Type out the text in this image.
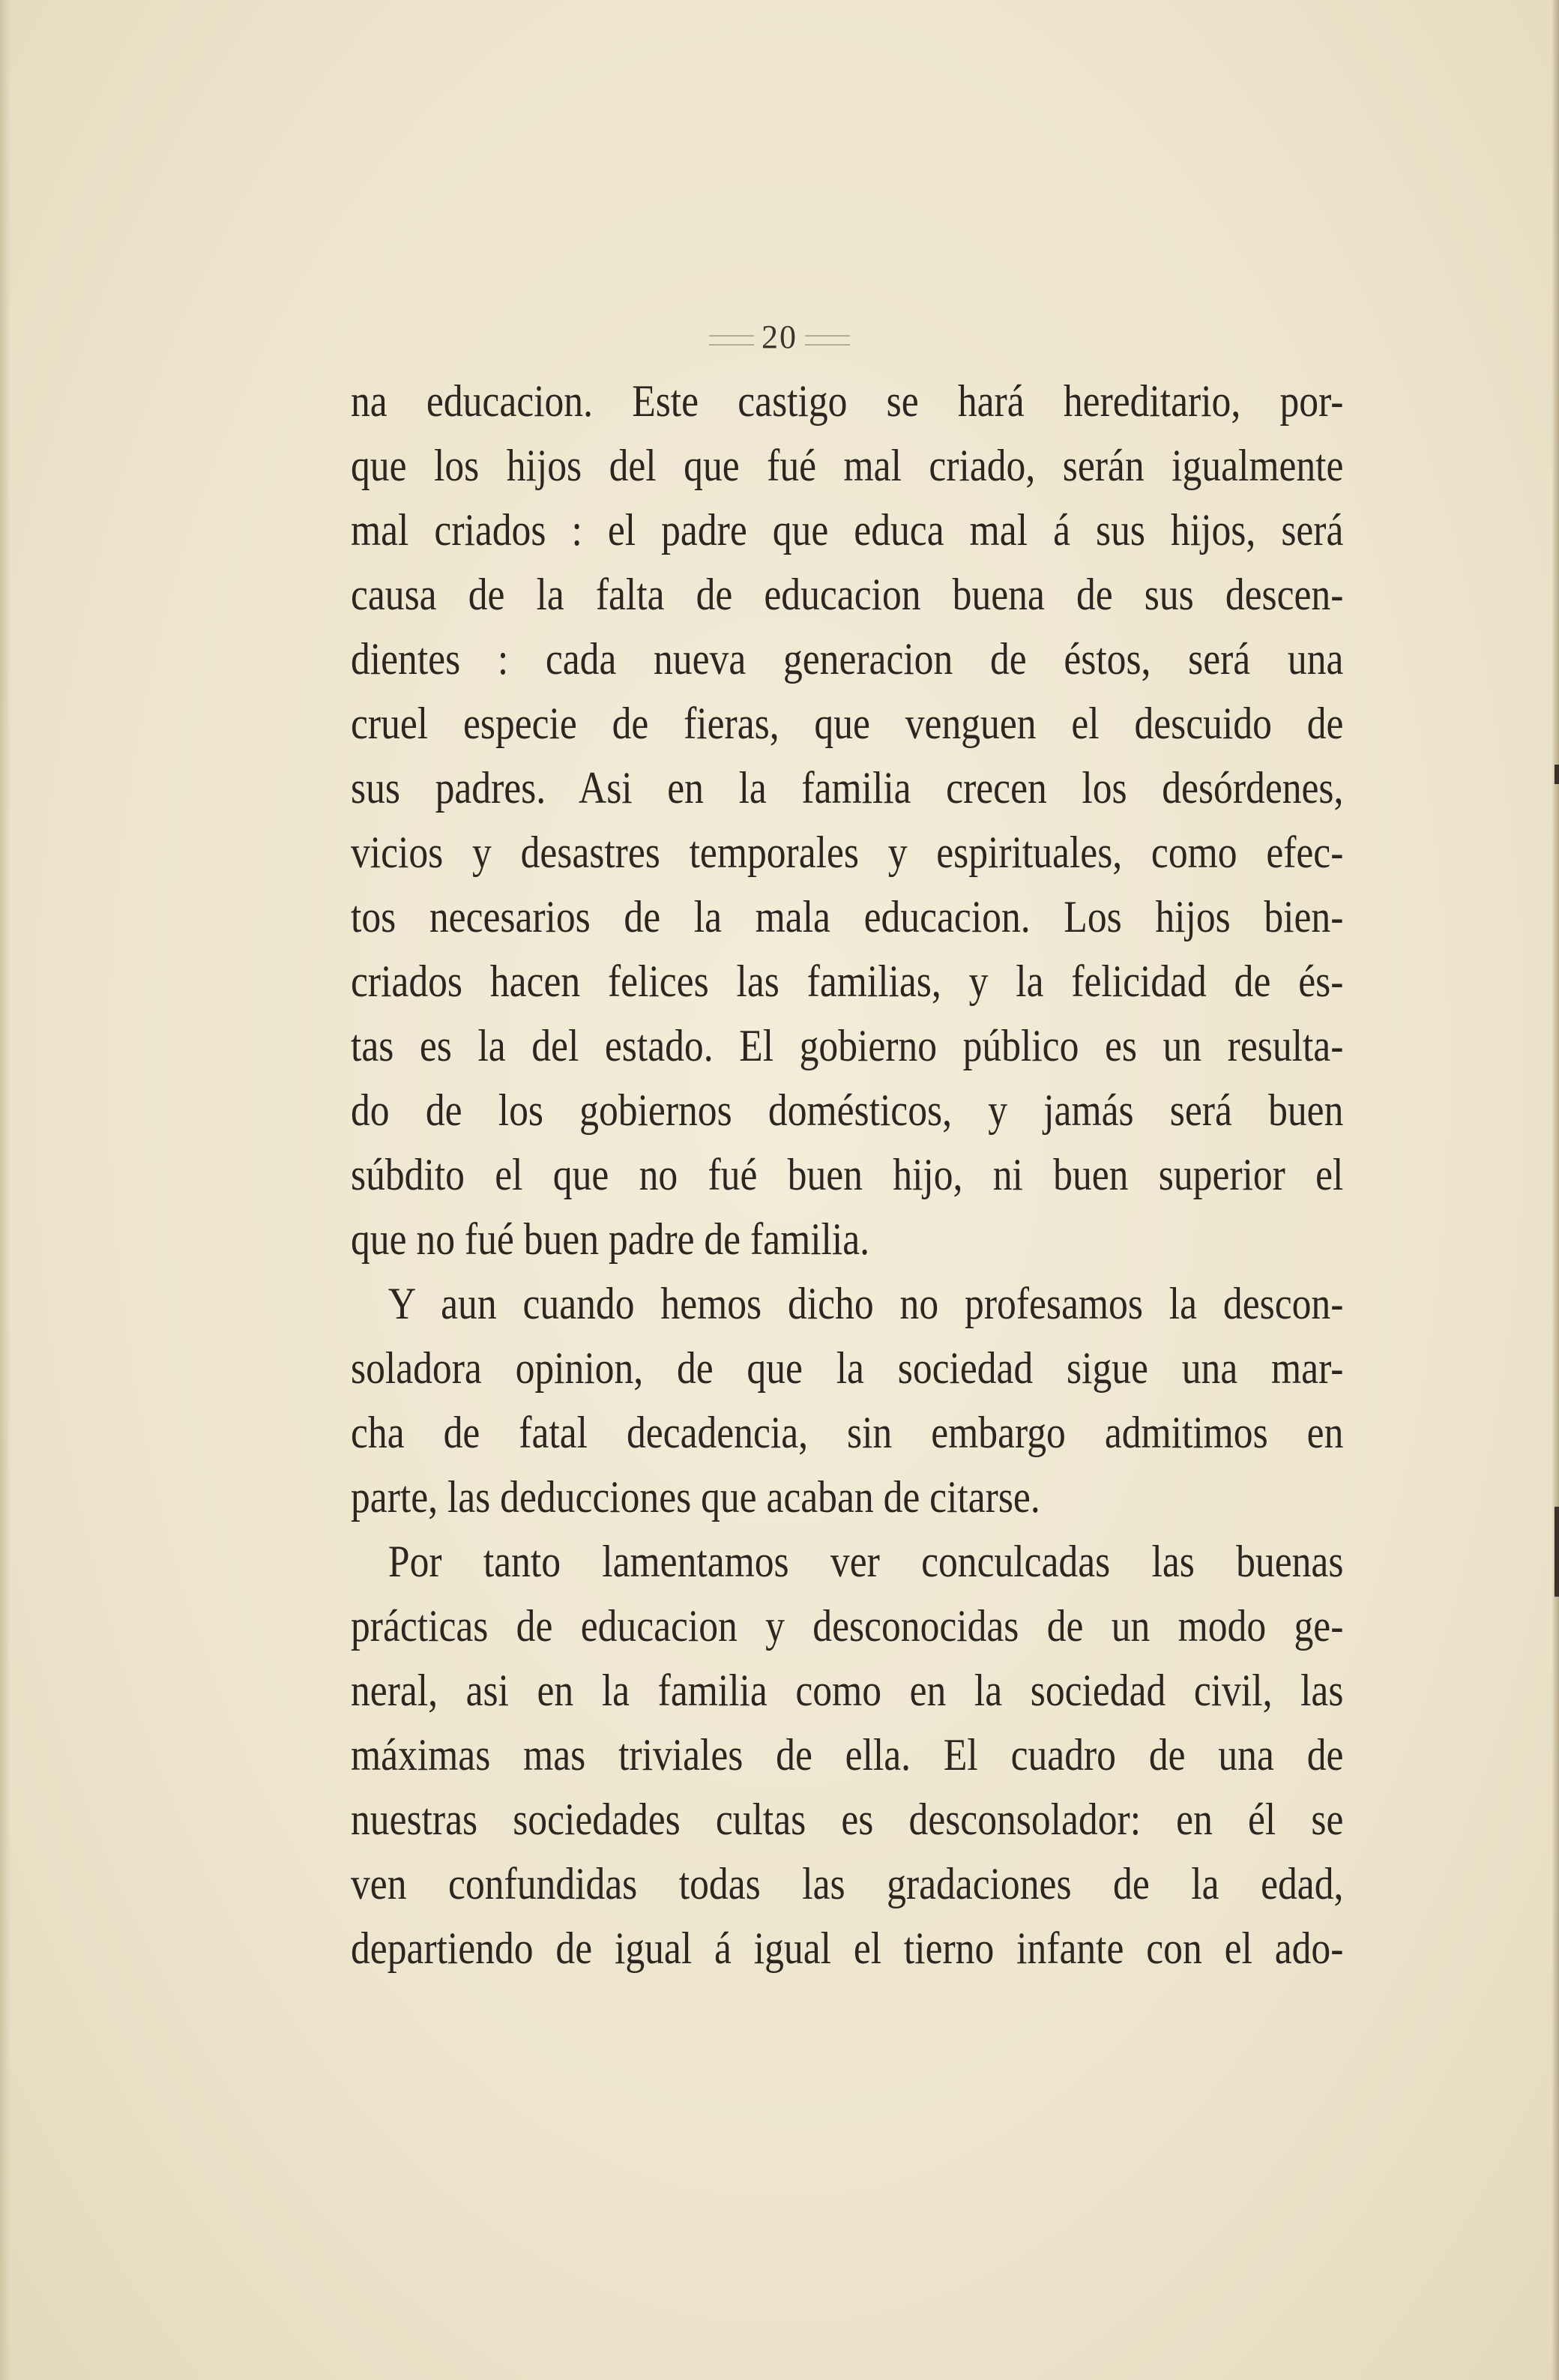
20
na educacion. Este castigo se hará hereditario, por-
que los hijos del que fué mal criado, serán igualmente
mal criados : el padre que educa mal á sus hijos, será
causa de la falta de educacion buena de sus descen-
dientes : cada nueva generacion de éstos, será una
cruel especie de fieras, que venguen el descuido de
sus padres. Asi en la familia crecen los desórdenes,
vicios y desastres temporales y espirituales, como efec-
tos necesarios de la mala educacion. Los hijos bien-
criados hacen felices las familias, y la felicidad de és-
tas es la del estado. El gobierno público es un resulta-
do de los gobiernos domésticos, y jamás será buen
súbdito el que no fué buen hijo, ni buen superior el
que no fué buen padre de familia.
Y aun cuando hemos dicho no profesamos la descon-
soladora opinion, de que la sociedad sigue una mar-
cha de fatal decadencia, sin embargo admitimos en
parte, las deducciones que acaban de citarse.
Por tanto lamentamos ver conculcadas las buenas
prácticas de educacion y desconocidas de un modo ge-
neral, asi en la familia como en la sociedad civil, las
máximas mas triviales de ella. El cuadro de una de
nuestras sociedades cultas es desconsolador: en él se
ven confundidas todas las gradaciones de la edad,
departiendo de igual á igual el tierno infante con el ado-
